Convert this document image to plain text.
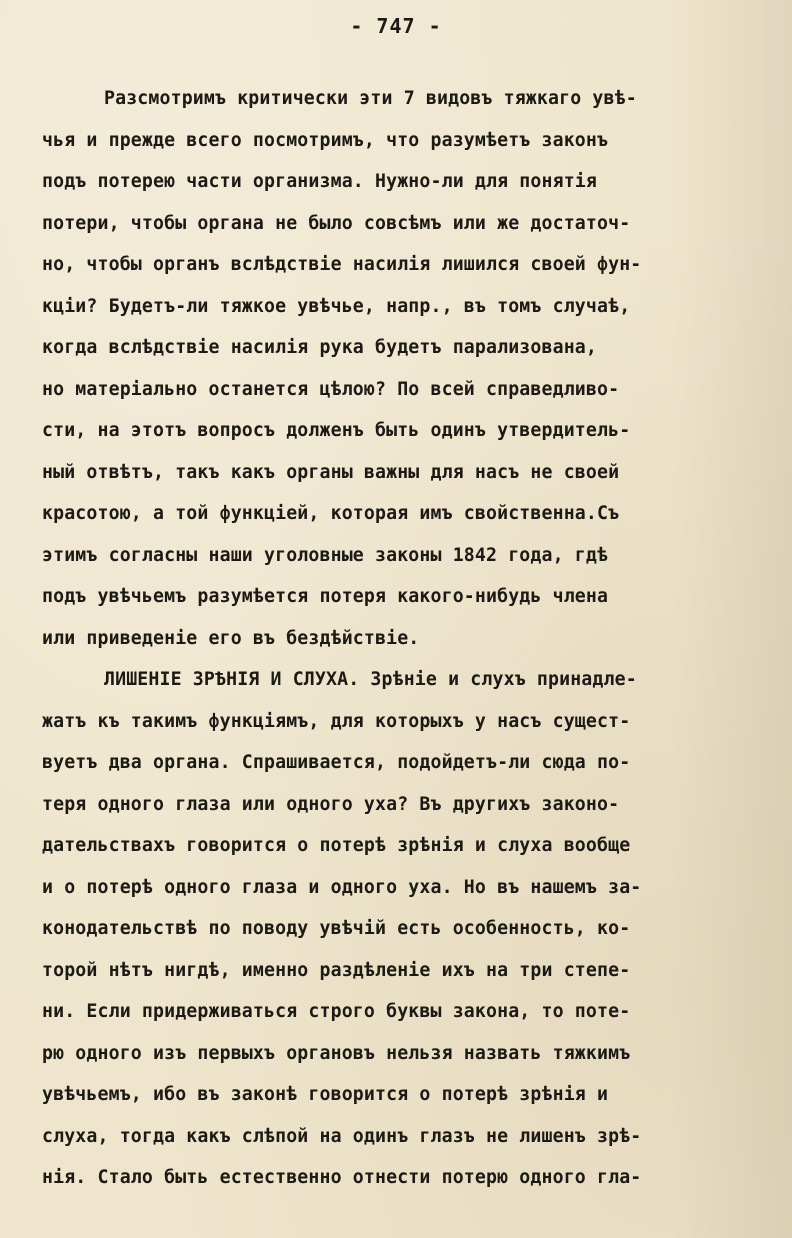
- 747 -
Разсмотримъ критически эти 7 видовъ тяжкаго увѣ-
чья и прежде всего посмотримъ, что разумѣетъ законъ
подъ потерею части организма. Нужно-ли для понятія
потери, чтобы органа не было совсѣмъ или же достаточ-
но, чтобы органъ вслѣдствіе насилія лишился своей фун-
кціи? Будетъ-ли тяжкое увѣчье, напр., въ томъ случаѣ,
когда вслѣдствіе насилія рука будетъ парализована,
но матеріально останется цѣлою? По всей справедливо-
сти, на этотъ вопросъ долженъ быть одинъ утвердитель-
ный отвѣтъ, такъ какъ органы важны для насъ не своей
красотою, а той функціей, которая имъ свойственна.Съ
этимъ согласны наши уголовные законы 1842 года, гдѣ
подъ увѣчьемъ разумѣется потеря какого-нибудь члена
или приведеніе его въ бездѣйствіе.
ЛИШЕНІЕ ЗРѢНІЯ И СЛУХА. Зрѣніе и слухъ принадле-
жатъ къ такимъ функціямъ, для которыхъ у насъ сущест-
вуетъ два органа. Спрашивается, подойдетъ-ли сюда по-
теря одного глаза или одного уха? Въ другихъ законо-
дательствахъ говорится о потерѣ зрѣнія и слуха вообще
и о потерѣ одного глаза и одного уха. Но въ нашемъ за-
конодательствѣ по поводу увѣчій есть особенность, ко-
торой нѣтъ нигдѣ, именно раздѣленіе ихъ на три степе-
ни. Если придерживаться строго буквы закона, то поте-
рю одного изъ первыхъ органовъ нельзя назвать тяжкимъ
увѣчьемъ, ибо въ законѣ говорится о потерѣ зрѣнія и
слуха, тогда какъ слѣпой на одинъ глазъ не лишенъ зрѣ-
нія. Стало быть естественно отнести потерю одного гла-
